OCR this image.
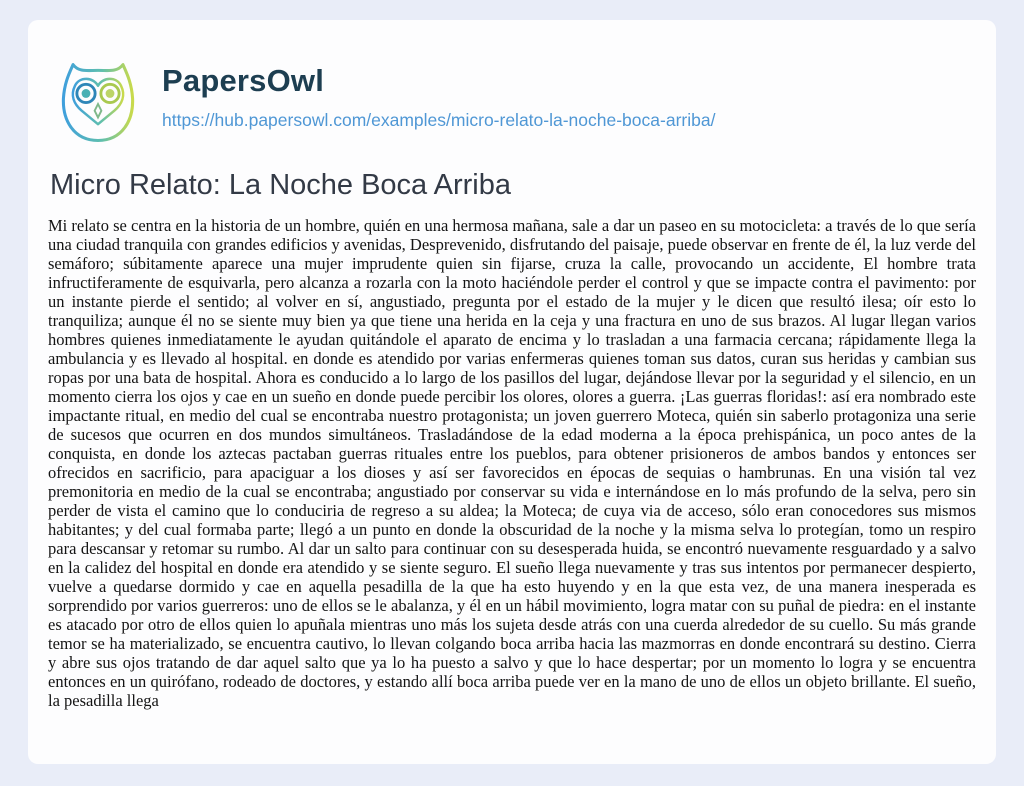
PapersOwl
https://hub.papersowl.com/examples/micro-relato-la-noche-boca-arriba/
Micro Relato: La Noche Boca Arriba

Mi relato se centra en la historia de un hombre, quién en una hermosa mañana, sale a dar un paseo en su motocicleta: a través de lo que sería una ciudad tranquila con grandes edificios y avenidas, Desprevenido, disfrutando del paisaje, puede observar en frente de él, la luz verde del semáforo; súbitamente aparece una mujer imprudente quien sin fijarse, cruza la calle, provocando un accidente, El hombre trata infructiferamente de esquivarla, pero alcanza a rozarla con la moto haciéndole perder el control y que se impacte contra el pavimento: por un instante pierde el sentido; al volver en sí, angustiado, pregunta por el estado de la mujer y le dicen que resultó ilesa; oír esto lo tranquiliza; aunque él no se siente muy bien ya que tiene una herida en la ceja y una fractura en uno de sus brazos. Al lugar llegan varios hombres quienes inmediatamente le ayudan quitándole el aparato de encima y lo trasladan a una farmacia cercana; rápidamente llega la ambulancia y es llevado al hospital. en donde es atendido por varias enfermeras quienes toman sus datos, curan sus heridas y cambian sus ropas por una bata de hospital. Ahora es conducido a lo largo de los pasillos del lugar, dejándose llevar por la seguridad y el silencio, en un momento cierra los ojos y cae en un sueño en donde puede percibir los olores, olores a guerra. ¡Las guerras floridas!: así era nombrado este impactante ritual, en medio del cual se encontraba nuestro protagonista; un joven guerrero Moteca, quién sin saberlo protagoniza una serie de sucesos que ocurren en dos mundos simultáneos. Trasladándose de la edad moderna a la época prehispánica, un poco antes de la conquista, en donde los aztecas pactaban guerras rituales entre los pueblos, para obtener prisioneros de ambos bandos y entonces ser ofrecidos en sacrificio, para apaciguar a los dioses y así ser favorecidos en épocas de sequias o hambrunas. En una visión tal vez premonitoria en medio de la cual se encontraba; angustiado por conservar su vida e internándose en lo más profundo de la selva, pero sin perder de vista el camino que lo conduciria de regreso a su aldea; la Moteca; de cuya via de acceso, sólo eran conocedores sus mismos habitantes; y del cual formaba parte; llegó a un punto en donde la obscuridad de la noche y la misma selva lo protegían, tomo un respiro para descansar y retomar su rumbo. Al dar un salto para continuar con su desesperada huida, se encontró nuevamente resguardado y a salvo en la calidez del hospital en donde era atendido y se siente seguro. El sueño llega nuevamente y tras sus intentos por permanecer despierto, vuelve a quedarse dormido y cae en aquella pesadilla de la que ha esto huyendo y en la que esta vez, de una manera inesperada es sorprendido por varios guerreros: uno de ellos se le abalanza, y él en un hábil movimiento, logra matar con su puñal de piedra: en el instante es atacado por otro de ellos quien lo apuñala mientras uno más los sujeta desde atrás con una cuerda alrededor de su cuello. Su más grande temor se ha materializado, se encuentra cautivo, lo llevan colgando boca arriba hacia las mazmorras en donde encontrará su destino. Cierra y abre sus ojos tratando de dar aquel salto que ya lo ha puesto a salvo y que lo hace despertar; por un momento lo logra y se encuentra entonces en un quirófano, rodeado de doctores, y estando allí boca arriba puede ver en la mano de uno de ellos un objeto brillante. El sueño, la pesadilla llega
